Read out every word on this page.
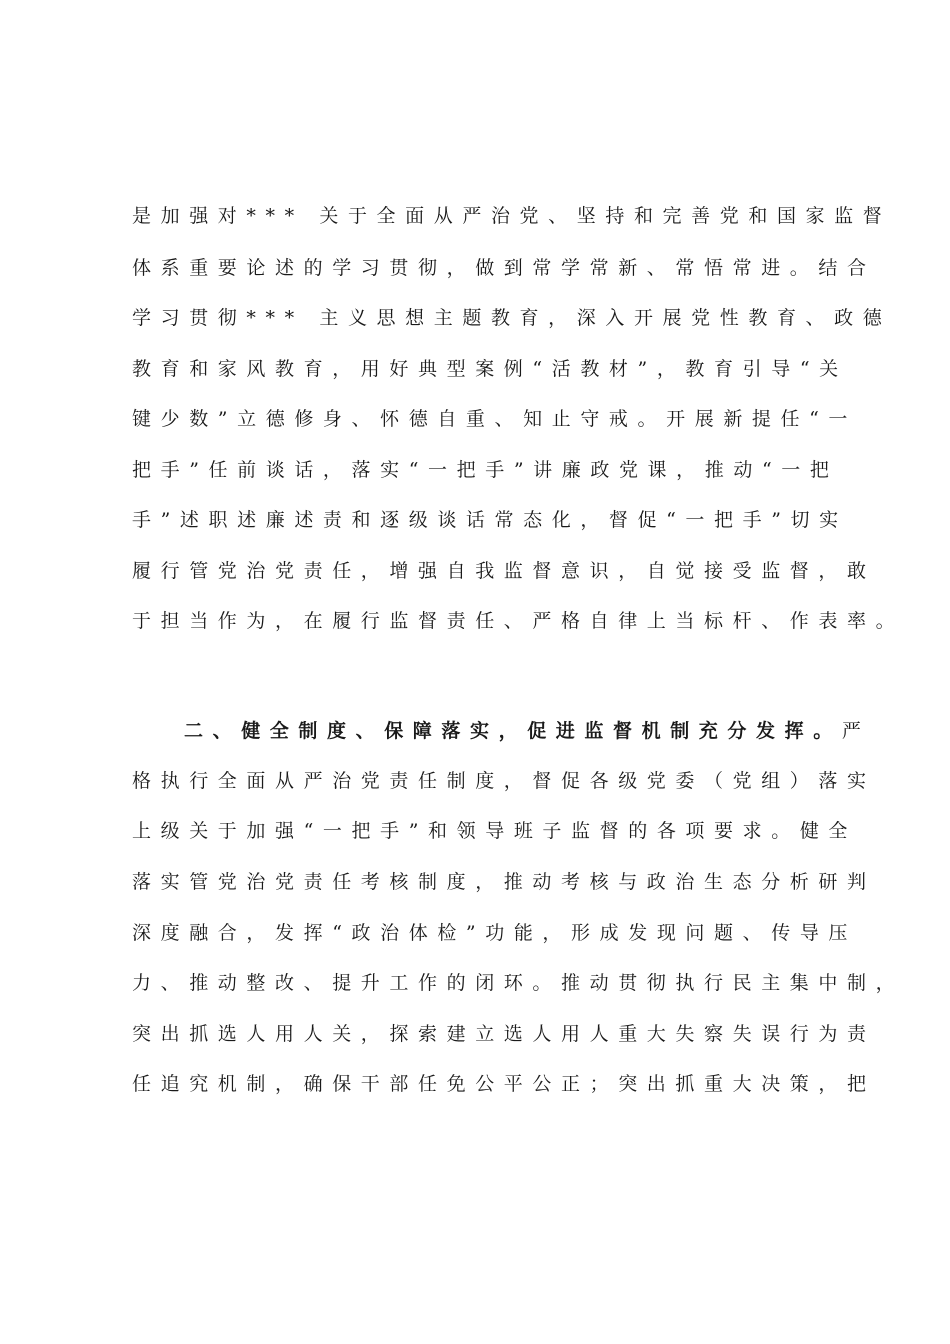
是加强对*** 关于全面从严治党、坚持和完善党和国家监督
体系重要论述的学习贯彻，做到常学常新、常悟常进。结合
学习贯彻*** 主义思想主题教育，深入开展党性教育、政德
教育和家风教育，用好典型案例“活教材”，教育引导“关
键少数”立德修身、怀德自重、知止守戒。开展新提任“一
把手”任前谈话，落实“一把手”讲廉政党课，推动“一把
手”述职述廉述责和逐级谈话常态化，督促“一把手”切实
履行管党治党责任，增强自我监督意识，自觉接受监督，敢
于担当作为，在履行监督责任、严格自律上当标杆、作表率。
二、健全制度、保障落实，促进监督机制充分发挥。严
格执行全面从严治党责任制度，督促各级党委（党组）落实
上级关于加强“一把手”和领导班子监督的各项要求。健全
落实管党治党责任考核制度，推动考核与政治生态分析研判
深度融合，发挥“政治体检”功能，形成发现问题、传导压
力、推动整改、提升工作的闭环。推动贯彻执行民主集中制，
突出抓选人用人关，探索建立选人用人重大失察失误行为责
任追究机制，确保干部任免公平公正；突出抓重大决策，把
